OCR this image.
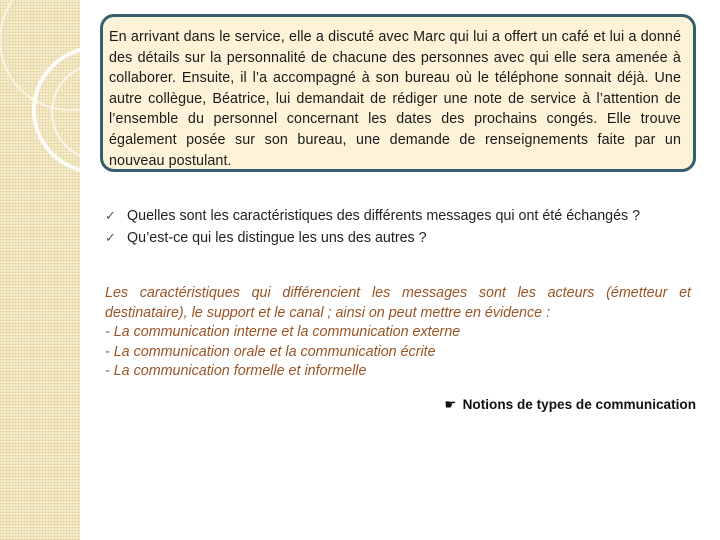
En arrivant dans le service, elle a discuté avec Marc qui lui a offert un café et lui a donné des détails sur la personnalité de chacune des personnes avec qui elle sera amenée à collaborer. Ensuite, il l’a accompagné à son bureau où le téléphone sonnait déjà. Une autre collègue, Béatrice, lui demandait de rédiger une note de service à l’attention de l’ensemble du personnel concernant les dates des prochains congés. Elle trouve également posée sur son bureau, une demande de renseignements faite par un nouveau postulant.
✓ Quelles sont les caractéristiques des différents messages qui ont été échangés ?
✓ Qu’est-ce qui les distingue les uns des autres ?
Les caractéristiques qui différencient les messages sont les acteurs (émetteur et destinataire), le support et le canal ; ainsi on peut mettre en évidence :
- La communication interne et la communication externe
- La communication orale et la communication écrite
- La communication formelle et informelle
☛ Notions de types de communication
